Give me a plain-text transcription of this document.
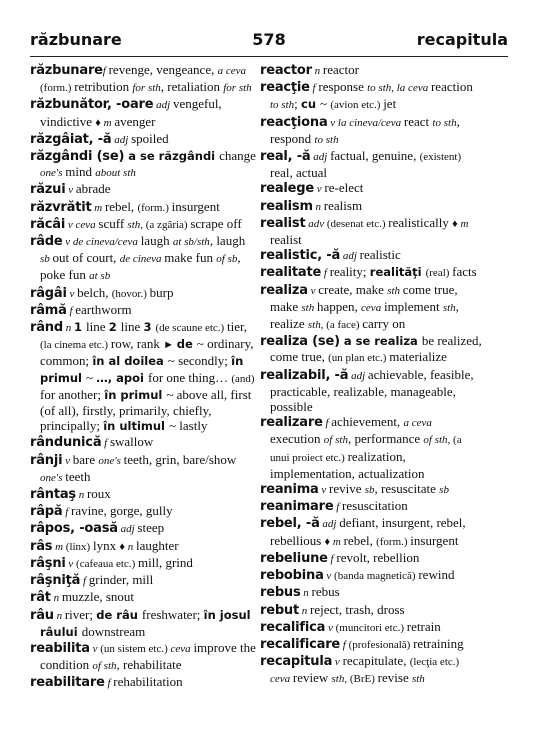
răzbunare	578	recapitula

răzbunaref revenge, vengeance, a ceva (form.) retribution for sth, retaliation for sth

răzbunător, -oare adj vengeful, vindictive ♦ m avenger

răzgâiat, -ă adj spoiled

răzgândi (se) a se răzgândi change one's mind about sth

răzui v abrade

răzvrătit m rebel, (form.) insurgent

răcâi v ceva scuff sth, (a zgâria) scrape off

râde v de cineva/ceva laugh at sb/sth, laugh sb out of court, de cineva make fun of sb, poke fun at sb

râgâi v belch, (hovor.) burp

râmă f earthworm

rând n 1 line 2 line 3 (de scaune etc.) tier, (la cinema etc.) row, rank ► de ~ ordinary, common; în al doilea ~ secondly; în primul ~ …, apoi for one thing… (and) for another; în primul ~ above all, first (of all), firstly, primarily, chiefly, principally; în ultimul ~ lastly

rândunică f swallow

rânji v bare one's teeth, grin, bare/show one's teeth

rântaş n roux

râpă f ravine, gorge, gully

râpos, -oasă adj steep

râs m (linx) lynx ♦ n laughter

râşni v (cafeaua etc.) mill, grind

râşniţă f grinder, mill

rât n muzzle, snout

râu n river; de râu freshwater; în josul râului downstream

reabilita v (un sistem etc.) ceva improve the condition of sth, rehabilitate

reabilitare f rehabilitation

reactor n reactor

reacţie f response to sth, la ceva reaction to sth; cu ~ (avion etc.) jet

reacţiona v la cineva/ceva react to sth, respond to sth

real, -ă adj factual, genuine, (existent) real, actual

realege v re-elect

realism n realism

realist adv (desenat etc.) realistically ♦ m realist

realistic, -ă adj realistic

realitate f reality; realităţi (real) facts

realiza v create, make sth come true, make sth happen, ceva implement sth, realize sth, (a face) carry on

realiza (se) a se realiza be realized, come true, (un plan etc.) materialize

realizabil, -ă adj achievable, feasible, practicable, realizable, manageable, possible

realizare f achievement, a ceva execution of sth, performance of sth, (a unui proiect etc.) realization, implementation, actualization

reanima v revive sb, resuscitate sb

reanimare f resuscitation

rebel, -ă adj defiant, insurgent, rebel, rebellious ♦ m rebel, (form.) insurgent

rebeliune f revolt, rebellion

rebobina v (banda magnetică) rewind

rebus n rebus

rebut n reject, trash, dross

recalifica v (muncitori etc.) retrain

recalificare f (profesională) retraining

recapitula v recapitulate, (lecţia etc.) ceva review sth, (BrE) revise sth
